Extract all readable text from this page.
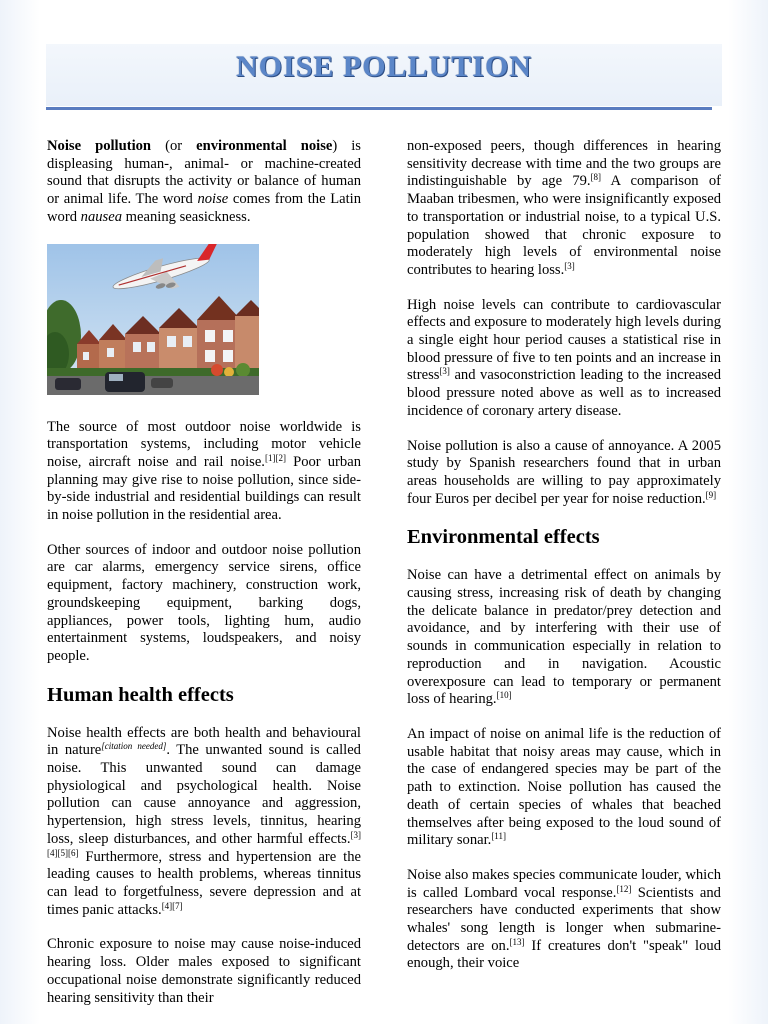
NOISE POLLUTION

Noise pollution (or environmental noise) is displeasing human-, animal- or machine-created sound that disrupts the activity or balance of human or animal life. The word noise comes from the Latin word nausea meaning seasickness.

The source of most outdoor noise worldwide is transportation systems, including motor vehicle noise, aircraft noise and rail noise.[1][2] Poor urban planning may give rise to noise pollution, since side-by-side industrial and residential buildings can result in noise pollution in the residential area.

Other sources of indoor and outdoor noise pollution are car alarms, emergency service sirens, office equipment, factory machinery, construction work, groundskeeping equipment, barking dogs, appliances, power tools, lighting hum, audio entertainment systems, loudspeakers, and noisy people.

Human health effects

Noise health effects are both health and behavioural in nature[citation needed]. The unwanted sound is called noise. This unwanted sound can damage physiological and psychological health. Noise pollution can cause annoyance and aggression, hypertension, high stress levels, tinnitus, hearing loss, sleep disturbances, and other harmful effects.[3][4][5][6] Furthermore, stress and hypertension are the leading causes to health problems, whereas tinnitus can lead to forgetfulness, severe depression and at times panic attacks.[4][7]

Chronic exposure to noise may cause noise-induced hearing loss. Older males exposed to significant occupational noise demonstrate significantly reduced hearing sensitivity than their

non-exposed peers, though differences in hearing sensitivity decrease with time and the two groups are indistinguishable by age 79.[8] A comparison of Maaban tribesmen, who were insignificantly exposed to transportation or industrial noise, to a typical U.S. population showed that chronic exposure to moderately high levels of environmental noise contributes to hearing loss.[3]

High noise levels can contribute to cardiovascular effects and exposure to moderately high levels during a single eight hour period causes a statistical rise in blood pressure of five to ten points and an increase in stress[3] and vasoconstriction leading to the increased blood pressure noted above as well as to increased incidence of coronary artery disease.

Noise pollution is also a cause of annoyance. A 2005 study by Spanish researchers found that in urban areas households are willing to pay approximately four Euros per decibel per year for noise reduction.[9]

Environmental effects

Noise can have a detrimental effect on animals by causing stress, increasing risk of death by changing the delicate balance in predator/prey detection and avoidance, and by interfering with their use of sounds in communication especially in relation to reproduction and in navigation. Acoustic overexposure can lead to temporary or permanent loss of hearing.[10]

An impact of noise on animal life is the reduction of usable habitat that noisy areas may cause, which in the case of endangered species may be part of the path to extinction. Noise pollution has caused the death of certain species of whales that beached themselves after being exposed to the loud sound of military sonar.[11]

Noise also makes species communicate louder, which is called Lombard vocal response.[12] Scientists and researchers have conducted experiments that show whales' song length is longer when submarine-detectors are on.[13] If creatures don't "speak" loud enough, their voice
